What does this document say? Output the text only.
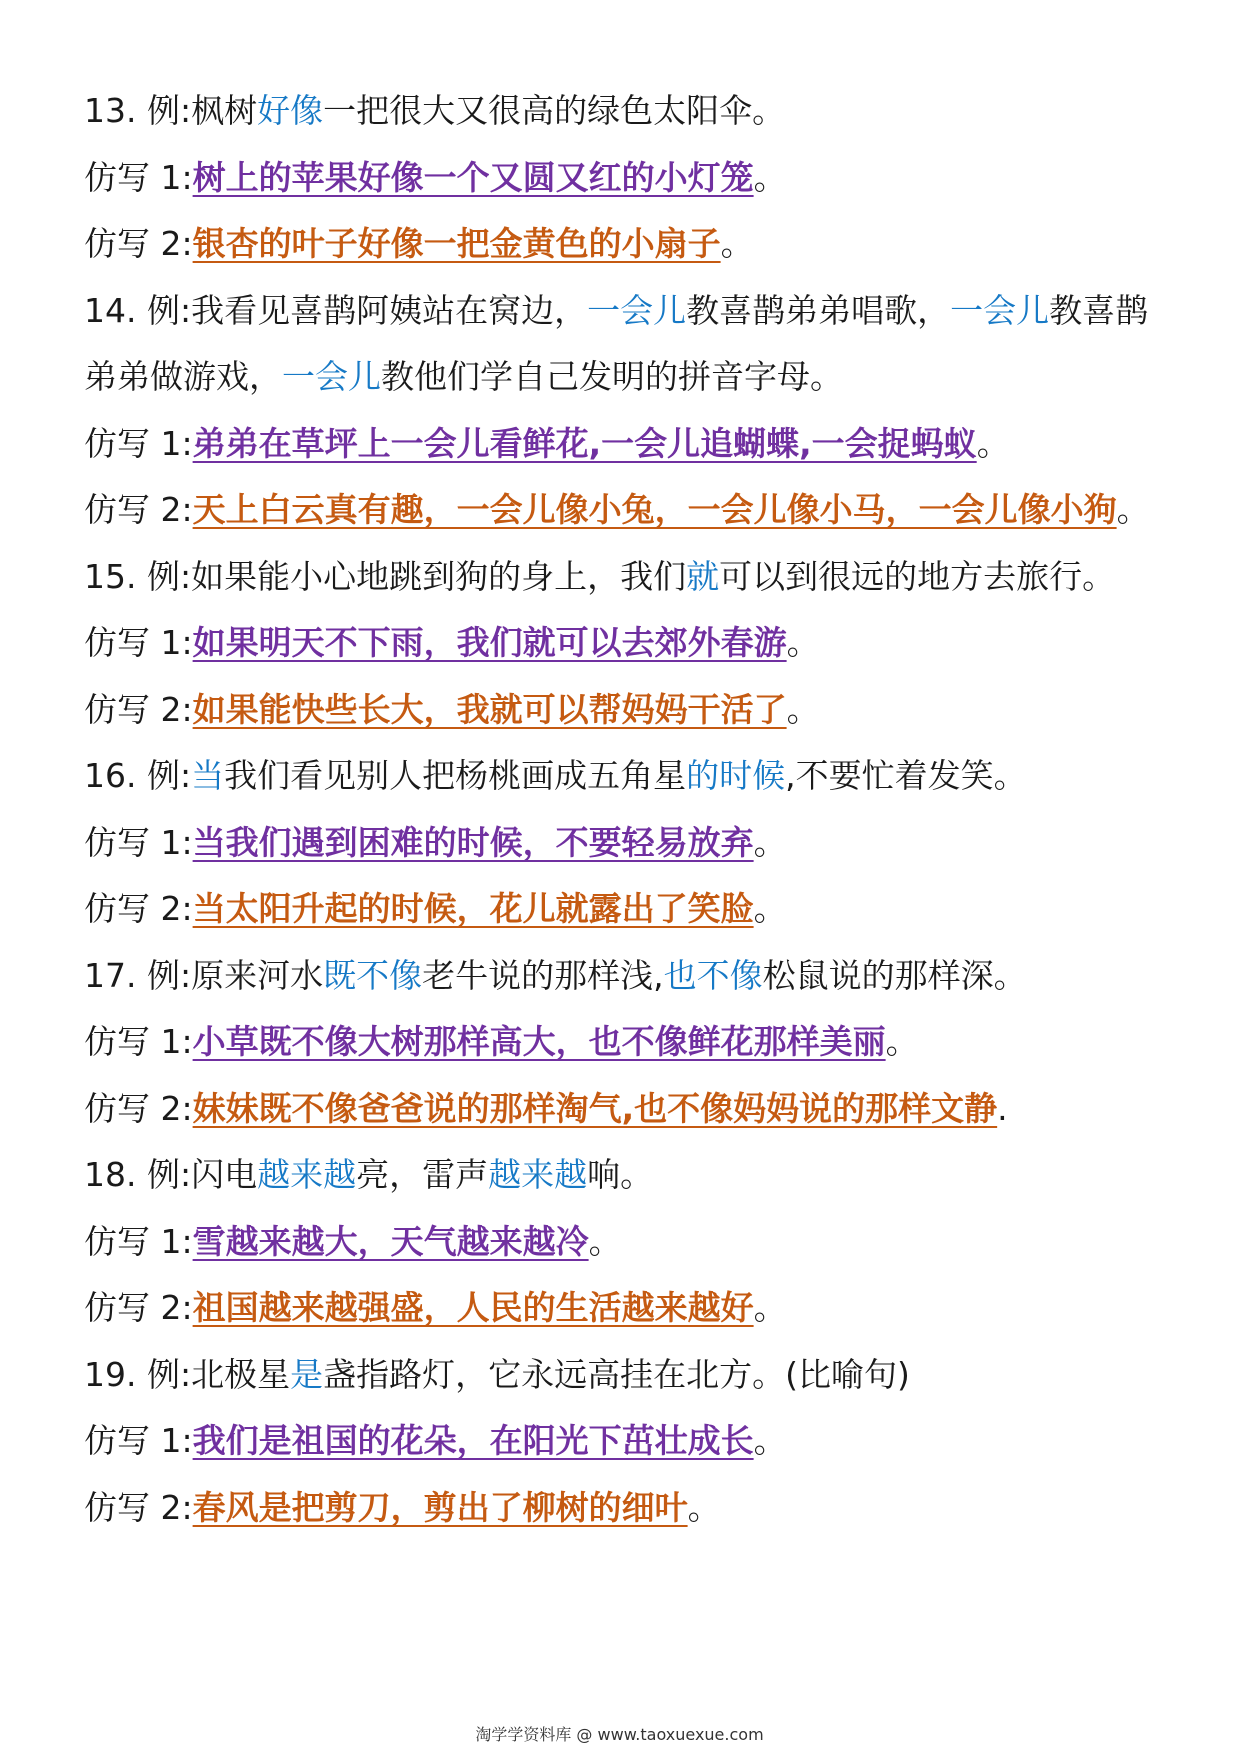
13. 例:枫树好像一把很大又很高的绿色太阳伞。
仿写 1:树上的苹果好像一个又圆又红的小灯笼。
仿写 2:银杏的叶子好像一把金黄色的小扇子。
14. 例:我看见喜鹊阿姨站在窝边，一会儿教喜鹊弟弟唱歌，一会儿教喜鹊弟弟做游戏，一会儿教他们学自己发明的拼音字母。
仿写 1:弟弟在草坪上一会儿看鲜花,一会儿追蝴蝶,一会捉蚂蚁。
仿写 2:天上白云真有趣，一会儿像小兔，一会儿像小马，一会儿像小狗。
15. 例:如果能小心地跳到狗的身上，我们就可以到很远的地方去旅行。
仿写 1:如果明天不下雨，我们就可以去郊外春游。
仿写 2:如果能快些长大，我就可以帮妈妈干活了。
16. 例:当我们看见别人把杨桃画成五角星的时候,不要忙着发笑。
仿写 1:当我们遇到困难的时候，不要轻易放弃。
仿写 2:当太阳升起的时候，花儿就露出了笑脸。
17. 例:原来河水既不像老牛说的那样浅,也不像松鼠说的那样深。
仿写 1:小草既不像大树那样高大，也不像鲜花那样美丽。
仿写 2:妹妹既不像爸爸说的那样淘气,也不像妈妈说的那样文静.
18. 例:闪电越来越亮，雷声越来越响。
仿写 1:雪越来越大，天气越来越冷。
仿写 2:祖国越来越强盛，人民的生活越来越好。
19. 例:北极星是盏指路灯，它永远高挂在北方。(比喻句)
仿写 1:我们是祖国的花朵，在阳光下茁壮成长。
仿写 2:春风是把剪刀，剪出了柳树的细叶。
淘学学资料库 @ www.taoxuexue.com
